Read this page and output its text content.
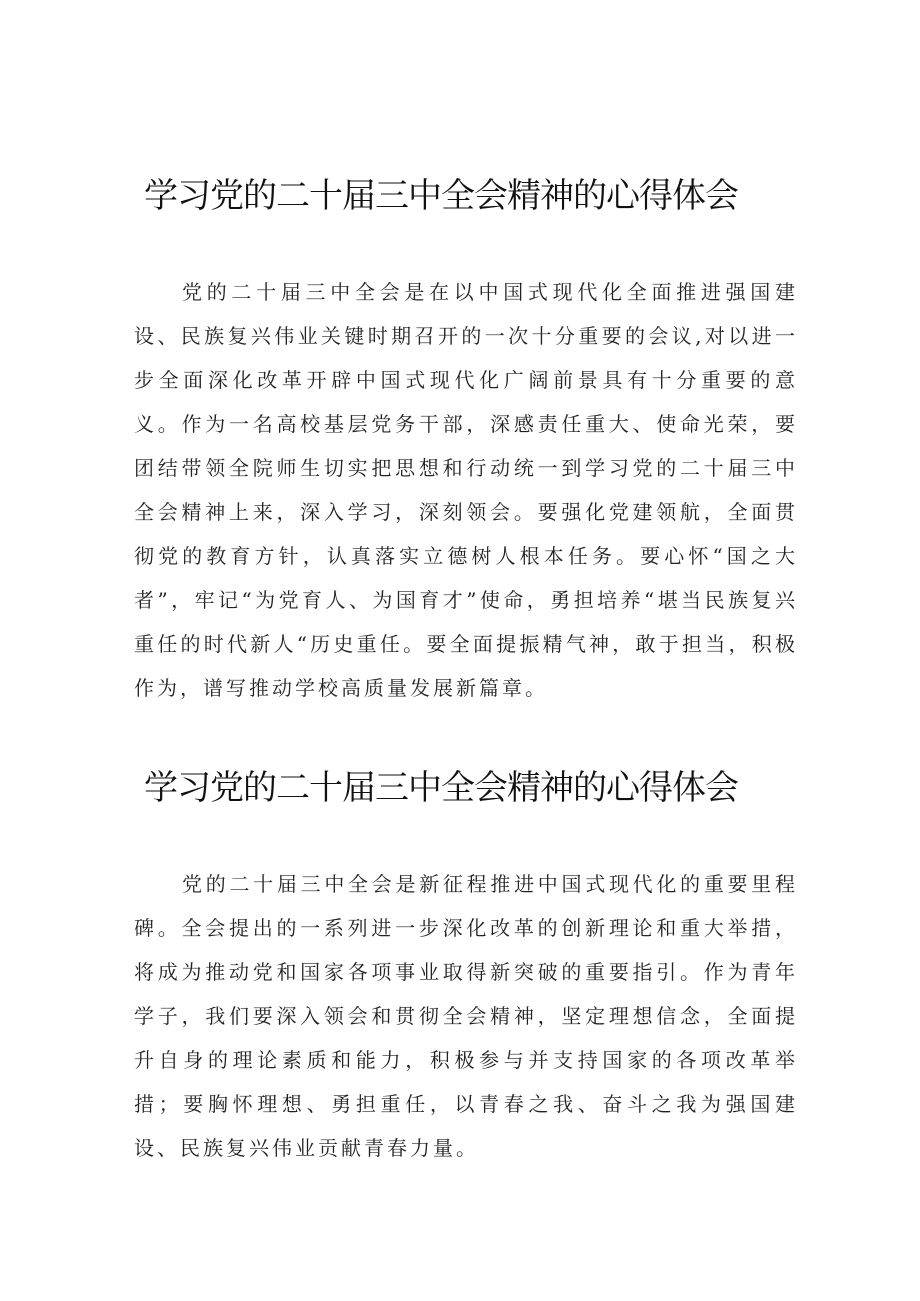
学习党的二十届三中全会精神的心得体会

党的二十届三中全会是在以中国式现代化全面推进强国建设、民族复兴伟业关键时期召开的一次十分重要的会议,对以进一步全面深化改革开辟中国式现代化广阔前景具有十分重要的意义。作为一名高校基层党务干部，深感责任重大、使命光荣，要团结带领全院师生切实把思想和行动统一到学习党的二十届三中全会精神上来，深入学习，深刻领会。要强化党建领航，全面贯彻党的教育方针，认真落实立德树人根本任务。要心怀“国之大者”，牢记“为党育人、为国育才”使命，勇担培养“堪当民族复兴重任的时代新人“历史重任。要全面提振精气神，敢于担当，积极作为，谱写推动学校高质量发展新篇章。

学习党的二十届三中全会精神的心得体会

党的二十届三中全会是新征程推进中国式现代化的重要里程碑。全会提出的一系列进一步深化改革的创新理论和重大举措，将成为推动党和国家各项事业取得新突破的重要指引。作为青年学子，我们要深入领会和贯彻全会精神，坚定理想信念，全面提升自身的理论素质和能力，积极参与并支持国家的各项改革举措；要胸怀理想、勇担重任，以青春之我、奋斗之我为强国建设、民族复兴伟业贡献青春力量。
